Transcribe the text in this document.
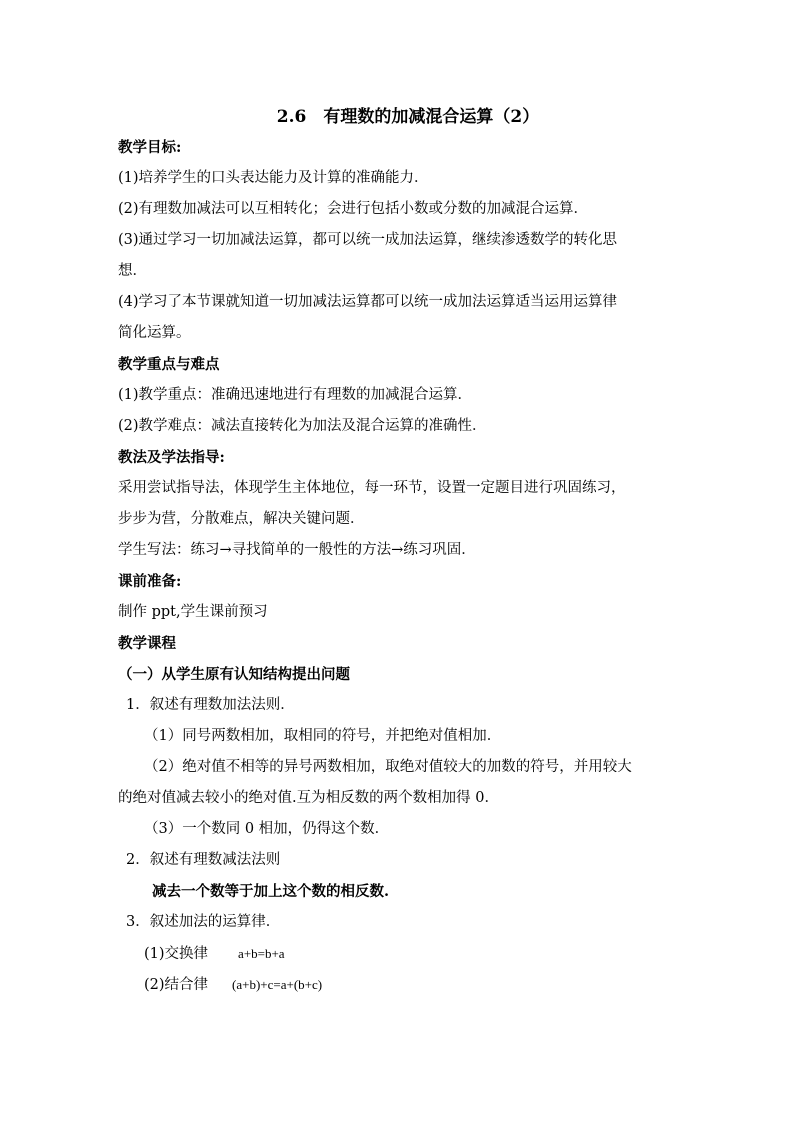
2.6　有理数的加减混合运算（2）

教学目标:

(1)培养学生的口头表达能力及计算的准确能力．

(2)有理数加减法可以互相转化；会进行包括小数或分数的加减混合运算．

(3)通过学习一切加减法运算，都可以统一成加法运算，继续渗透数学的转化思

想．

(4)学习了本节课就知道一切加减法运算都可以统一成加法运算适当运用运算律

简化运算。

教学重点与难点

(1)教学重点：准确迅速地进行有理数的加减混合运算．

(2)教学难点：减法直接转化为加法及混合运算的准确性．

教法及学法指导:

采用尝试指导法，体现学生主体地位，每一环节，设置一定题目进行巩固练习，

步步为营，分散难点，解决关键问题．

学生写法：练习→寻找简单的一般性的方法→练习巩固．

课前准备:

制作 ppt,学生课前预习

教学课程

（一）从学生原有认知结构提出问题

1．叙述有理数加法法则．

（1）同号两数相加，取相同的符号，并把绝对值相加．

（2）绝对值不相等的异号两数相加，取绝对值较大的加数的符号，并用较大

的绝对值减去较小的绝对值.互为相反数的两个数相加得 0．

（3）一个数同 0 相加，仍得这个数．

2．叙述有理数减法法则

减去一个数等于加上这个数的相反数.

3．叙述加法的运算律．

(1)交换律 a+b=b+a

(2)结合律 (a+b)+c=a+(b+c)
